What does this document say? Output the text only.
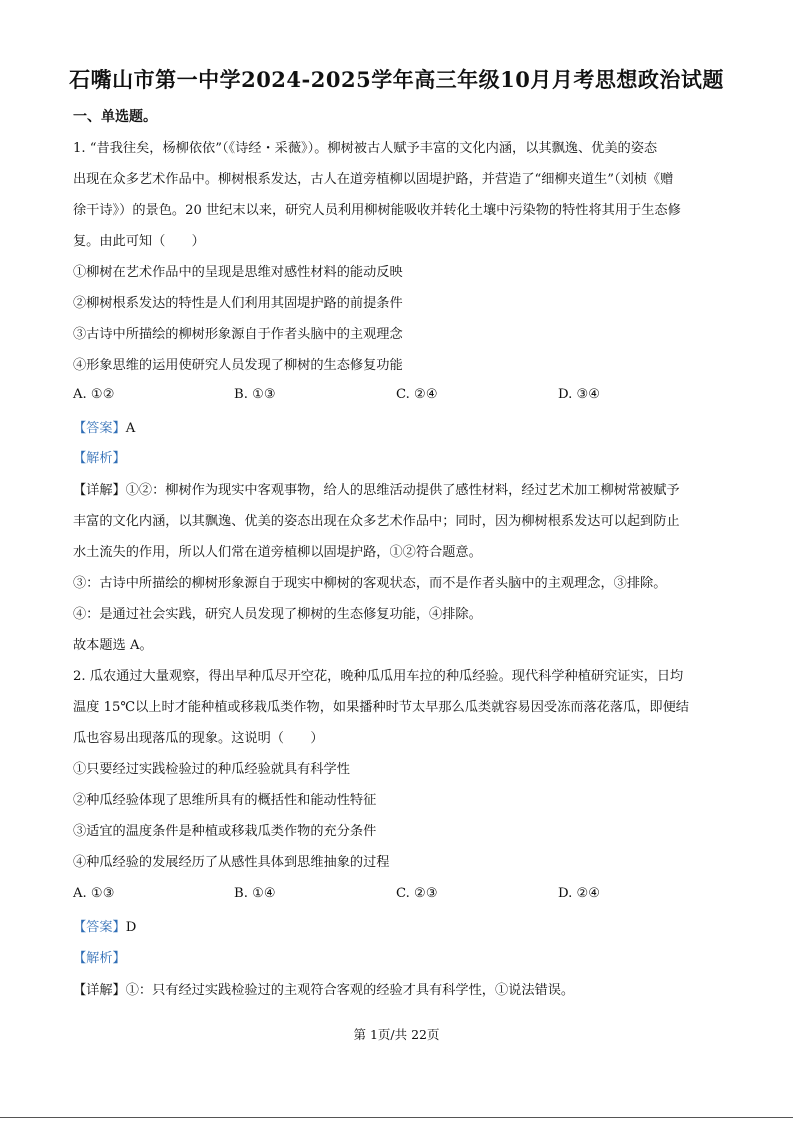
石嘴山市第一中学2024-2025学年高三年级10月月考思想政治试题
一、单选题。
1. “昔我往矣，杨柳依依”（《诗经・采薇》）。柳树被古人赋予丰富的文化内涵，以其飘逸、优美的姿态
出现在众多艺术作品中。柳树根系发达，古人在道旁植柳以固堤护路，并营造了“细柳夹道生”（刘桢《赠
徐干诗》）的景色。20 世纪末以来，研究人员利用柳树能吸收并转化土壤中污染物的特性将其用于生态修
复。由此可知（　　）
①柳树在艺术作品中的呈现是思维对感性材料的能动反映
②柳树根系发达的特性是人们利用其固堤护路的前提条件
③古诗中所描绘的柳树形象源自于作者头脑中的主观理念
④形象思维的运用使研究人员发现了柳树的生态修复功能
A. ①②	B. ①③	C. ②④	D. ③④
【答案】A
【解析】
【详解】①②：柳树作为现实中客观事物，给人的思维活动提供了感性材料，经过艺术加工柳树常被赋予
丰富的文化内涵，以其飘逸、优美的姿态出现在众多艺术作品中；同时，因为柳树根系发达可以起到防止
水土流失的作用，所以人们常在道旁植柳以固堤护路，①②符合题意。
③：古诗中所描绘的柳树形象源自于现实中柳树的客观状态，而不是作者头脑中的主观理念，③排除。
④：是通过社会实践，研究人员发现了柳树的生态修复功能，④排除。
故本题选 A。
2. 瓜农通过大量观察，得出早种瓜尽开空花，晚种瓜瓜用车拉的种瓜经验。现代科学种植研究证实，日均
温度 15℃以上时才能种植或移栽瓜类作物，如果播种时节太早那么瓜类就容易因受冻而落花落瓜，即便结
瓜也容易出现落瓜的现象。这说明（　　）
①只要经过实践检验过的种瓜经验就具有科学性
②种瓜经验体现了思维所具有的概括性和能动性特征
③适宜的温度条件是种植或移栽瓜类作物的充分条件
④种瓜经验的发展经历了从感性具体到思维抽象的过程
A. ①③	B. ①④	C. ②③	D. ②④
【答案】D
【解析】
【详解】①：只有经过实践检验过的主观符合客观的经验才具有科学性，①说法错误。
第 1页/共 22页
